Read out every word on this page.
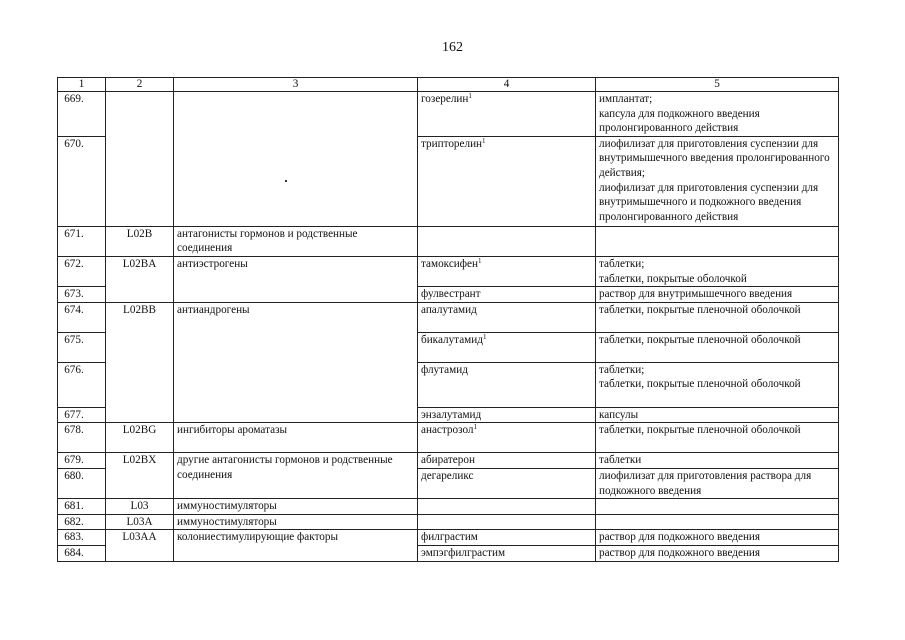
162
1	2	3	4	5
669.			гозерелин$^1$	имплантат;
капсула для подкожного введения пролонгированного действия

670.			трипторелин$^1$	лиофилизат для приготовления суспензии для внутримышечного введения пролонгированного действия;
лиофилизат для приготовления суспензии для внутримышечного и подкожного введения пролонгированного действия

671.	L02B	антагонисты гормонов и родственные соединения		
672.	L02BA	антиэстрогены	тамоксифен$^1$	таблетки;
таблетки, покрытые оболочкой

673.			фулвестрант	раствор для внутримышечного введения
674.	L02BB	антиандрогены	апалутамид	таблетки, покрытые пленочной оболочкой
675.			бикалутамид$^1$	таблетки, покрытые пленочной оболочкой
676.			флутамид	таблетки;
таблетки, покрытые пленочной оболочкой

677.			энзалутамид	капсулы
678.	L02BG	ингибиторы ароматазы	анастрозол$^1$	таблетки, покрытые пленочной оболочкой
679.	L02BX	другие антагонисты гормонов и родственные соединения	абиратерон	таблетки
680.			дегареликс	лиофилизат для приготовления раствора для подкожного введения
681.	L03	иммуностимуляторы		
682.	L03A	иммуностимуляторы		
683.	L03AA	колониестимулирующие факторы	филграстим	раствор для подкожного введения
684.			эмпэгфилграстим	раствор для подкожного введения
